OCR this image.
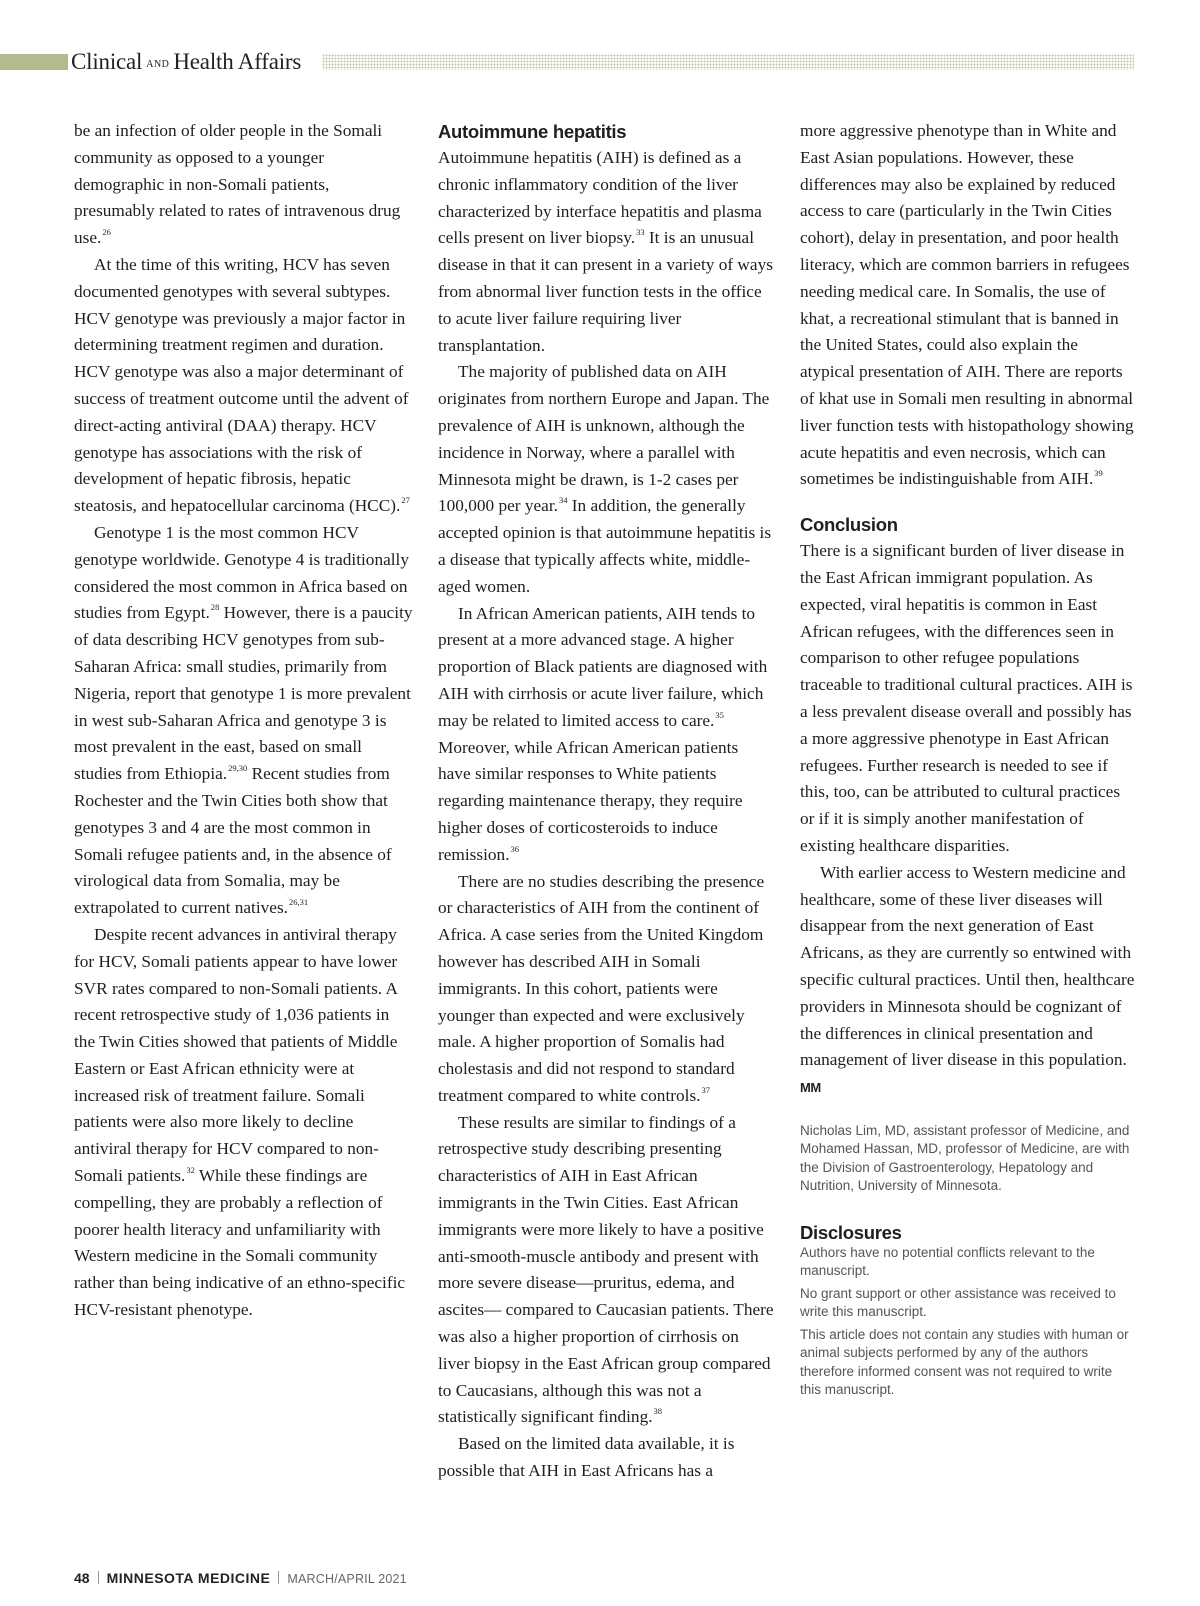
Clinical AND Health Affairs

be an infection of older people in the Somali community as opposed to a younger demographic in non-Somali patients, presumably related to rates of intravenous drug use.$^{26}$

At the time of this writing, HCV has seven documented genotypes with several subtypes. HCV genotype was previously a major factor in determining treatment regimen and duration. HCV genotype was also a major determinant of success of treatment outcome until the advent of direct-acting antiviral (DAA) therapy. HCV genotype has associations with the risk of development of hepatic fibrosis, hepatic steatosis, and hepatocellular carcinoma (HCC).$^{27}$

Genotype 1 is the most common HCV genotype worldwide. Genotype 4 is traditionally considered the most common in Africa based on studies from Egypt.$^{28}$ However, there is a paucity of data describing HCV genotypes from sub-Saharan Africa: small studies, primarily from Nigeria, report that genotype 1 is more prevalent in west sub-Saharan Africa and genotype 3 is most prevalent in the east, based on small studies from Ethiopia.$^{29,30}$ Recent studies from Rochester and the Twin Cities both show that genotypes 3 and 4 are the most common in Somali refugee patients and, in the absence of virological data from Somalia, may be extrapolated to current natives.$^{26,31}$

Despite recent advances in antiviral therapy for HCV, Somali patients appear to have lower SVR rates compared to non-Somali patients. A recent retrospective study of 1,036 patients in the Twin Cities showed that patients of Middle Eastern or East African ethnicity were at increased risk of treatment failure. Somali patients were also more likely to decline antiviral therapy for HCV compared to non-Somali patients.$^{32}$ While these findings are compelling, they are probably a reflection of poorer health literacy and unfamiliarity with Western medicine in the Somali community rather than being indicative of an ethno-specific HCV-resistant phenotype.

Autoimmune hepatitis

Autoimmune hepatitis (AIH) is defined as a chronic inflammatory condition of the liver characterized by interface hepatitis and plasma cells present on liver biopsy.$^{33}$ It is an unusual disease in that it can present in a variety of ways from abnormal liver function tests in the office to acute liver failure requiring liver transplantation.

The majority of published data on AIH originates from northern Europe and Japan. The prevalence of AIH is unknown, although the incidence in Norway, where a parallel with Minnesota might be drawn, is 1-2 cases per 100,000 per year.$^{34}$ In addition, the generally accepted opinion is that autoimmune hepatitis is a disease that typically affects white, middle-aged women.

In African American patients, AIH tends to present at a more advanced stage. A higher proportion of Black patients are diagnosed with AIH with cirrhosis or acute liver failure, which may be related to limited access to care.$^{35}$ Moreover, while African American patients have similar responses to White patients regarding maintenance therapy, they require higher doses of corticosteroids to induce remission.$^{36}$

There are no studies describing the presence or characteristics of AIH from the continent of Africa. A case series from the United Kingdom however has described AIH in Somali immigrants. In this cohort, patients were younger than expected and were exclusively male. A higher proportion of Somalis had cholestasis and did not respond to standard treatment compared to white controls.$^{37}$

These results are similar to findings of a retrospective study describing presenting characteristics of AIH in East African immigrants in the Twin Cities. East African immigrants were more likely to have a positive anti-smooth-muscle antibody and present with more severe disease—pruritus, edema, and ascites— compared to Caucasian patients. There was also a higher proportion of cirrhosis on liver biopsy in the East African group compared to Caucasians, although this was not a statistically significant finding.$^{38}$

Based on the limited data available, it is possible that AIH in East Africans has a

more aggressive phenotype than in White and East Asian populations. However, these differences may also be explained by reduced access to care (particularly in the Twin Cities cohort), delay in presentation, and poor health literacy, which are common barriers in refugees needing medical care. In Somalis, the use of khat, a recreational stimulant that is banned in the United States, could also explain the atypical presentation of AIH. There are reports of khat use in Somali men resulting in abnormal liver function tests with histopathology showing acute hepatitis and even necrosis, which can sometimes be indistinguishable from AIH.$^{39}$

Conclusion

There is a significant burden of liver disease in the East African immigrant population. As expected, viral hepatitis is common in East African refugees, with the differences seen in comparison to other refugee populations traceable to traditional cultural practices. AIH is a less prevalent disease overall and possibly has a more aggressive phenotype in East African refugees. Further research is needed to see if this, too, can be attributed to cultural practices or if it is simply another manifestation of existing healthcare disparities.

With earlier access to Western medicine and healthcare, some of these liver diseases will disappear from the next generation of East Africans, as they are currently so entwined with specific cultural practices. Until then, healthcare providers in Minnesota should be cognizant of the differences in clinical presentation and management of liver disease in this population. MM

Nicholas Lim, MD, assistant professor of Medicine, and Mohamed Hassan, MD, professor of Medicine, are with the Division of Gastroenterology, Hepatology and Nutrition, University of Minnesota.
Disclosures
Authors have no potential conflicts relevant to the manuscript.
No grant support or other assistance was received to write this manuscript.
This article does not contain any studies with human or animal subjects performed by any of the authors therefore informed consent was not required to write this manuscript.
48 MINNESOTA MEDICINE MARCH/APRIL 2021
